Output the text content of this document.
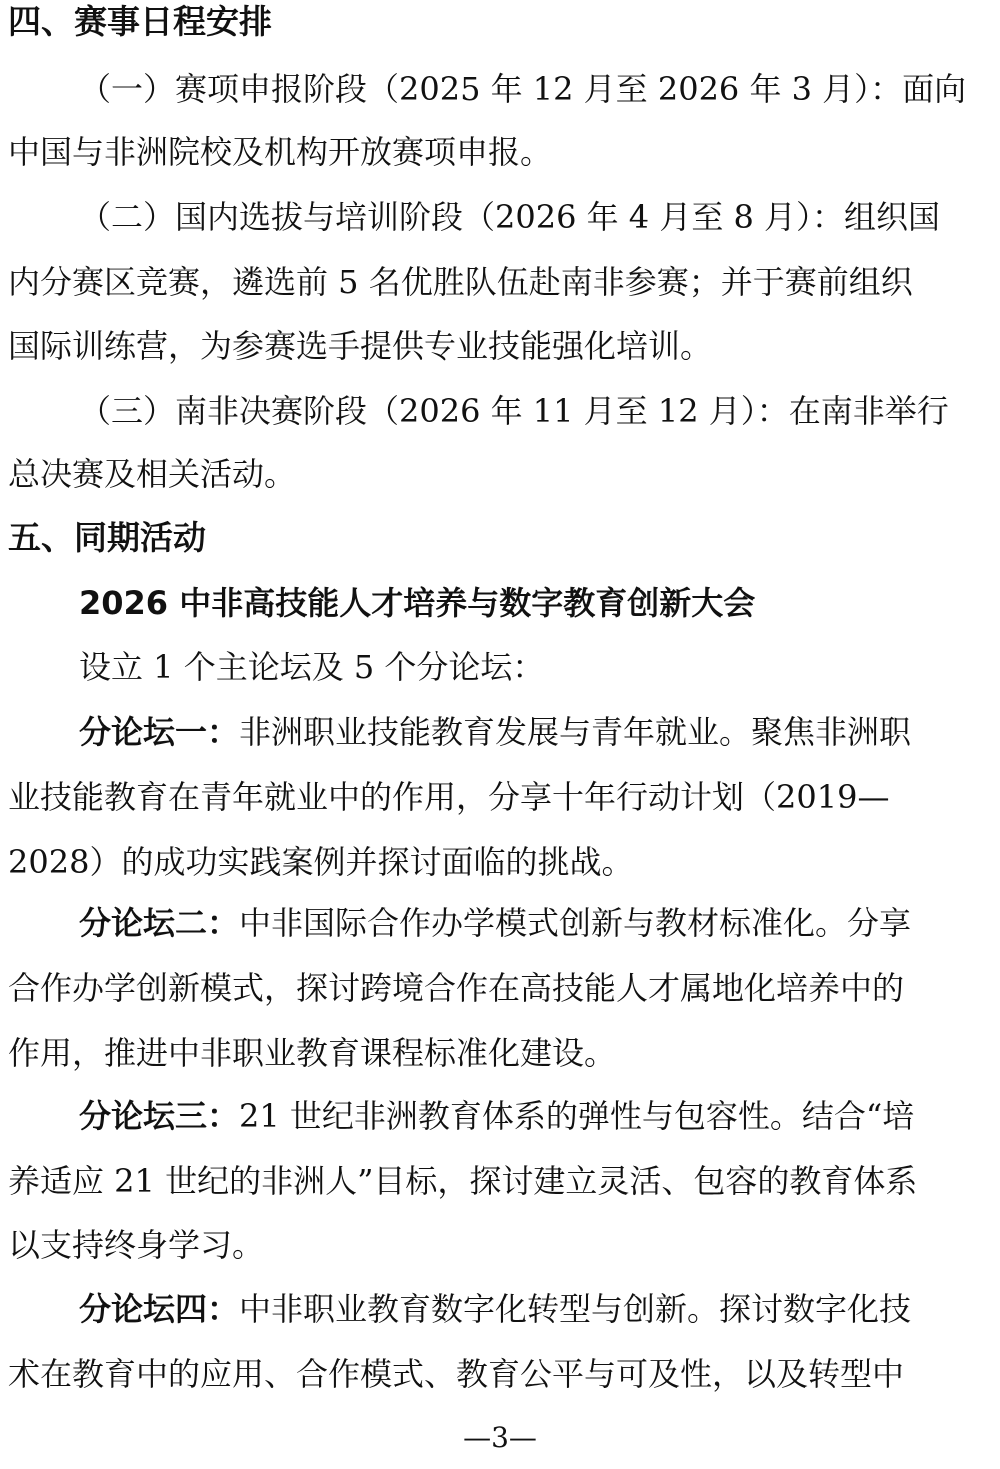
四、赛事日程安排
（一）赛项申报阶段（2025 年 12 月至 2026 年 3 月）：面向
中国与非洲院校及机构开放赛项申报。
（二）国内选拔与培训阶段（2026 年 4 月至 8 月）：组织国
内分赛区竞赛，遴选前 5 名优胜队伍赴南非参赛；并于赛前组织
国际训练营，为参赛选手提供专业技能强化培训。
（三）南非决赛阶段（2026 年 11 月至 12 月）：在南非举行
总决赛及相关活动。
五、同期活动
2026 中非高技能人才培养与数字教育创新大会
设立 1 个主论坛及 5 个分论坛：
分论坛一：非洲职业技能教育发展与青年就业。聚焦非洲职
业技能教育在青年就业中的作用，分享十年行动计划（2019—
2028）的成功实践案例并探讨面临的挑战。
分论坛二：中非国际合作办学模式创新与教材标准化。分享
合作办学创新模式，探讨跨境合作在高技能人才属地化培养中的
作用，推进中非职业教育课程标准化建设。
分论坛三：21 世纪非洲教育体系的弹性与包容性。结合“培
养适应 21 世纪的非洲人”目标，探讨建立灵活、包容的教育体系
以支持终身学习。
分论坛四：中非职业教育数字化转型与创新。探讨数字化技
术在教育中的应用、合作模式、教育公平与可及性，以及转型中
—3—
